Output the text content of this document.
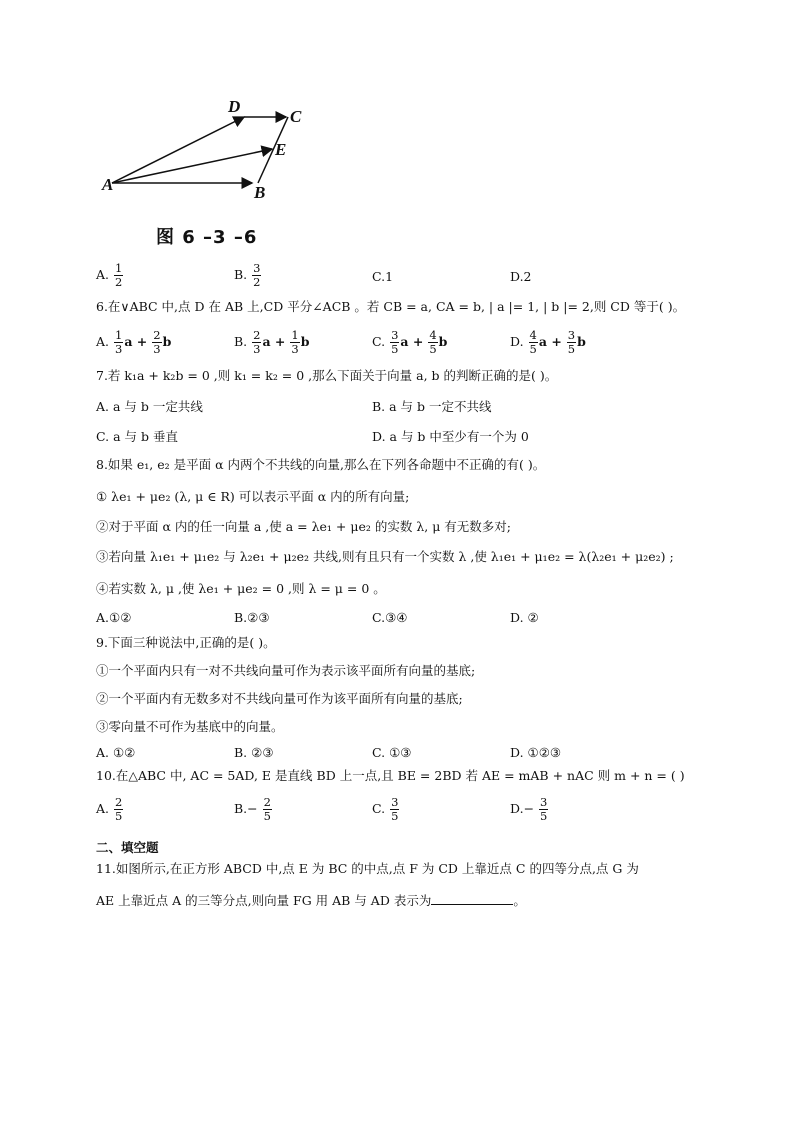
D
C
E
A	B
图 6 –3 –6
A. $\frac{1}{2}$	B. $\frac{3}{2}$	C.1	D.2
6.在∨ABC 中,点 D 在 AB 上,CD 平分∠ACB 。若 CB = a, CA = b, | a |= 1, | b |= 2,则 CD 等于( )。
A. $\frac{1}{3}$ $a + \frac{2}{3}$ b	B. $\frac{2}{3}$ $a + \frac{1}{3}$ b	C. $\frac{3}{5}$ $a + \frac{4}{5}$ b	D. $\frac{4}{5}$ $a + \frac{3}{5}$ b
7.若 k₁a + k₂b = 0 ,则 k₁ = k₂ = 0 ,那么下面关于向量 a, b 的判断正确的是( )。
A. a 与 b 一定共线	B. a 与 b 一定不共线
C. a 与 b 垂直	D. a 与 b 中至少有一个为 0
8.如果 e₁, e₂ 是平面 α 内两个不共线的向量,那么在下列各命题中不正确的有( )。
① λe₁ + μe₂ (λ, μ ∈ R) 可以表示平面 α 内的所有向量;
②对于平面 α 内的任一向量 a ,使 a = λe₁ + μe₂ 的实数 λ, μ 有无数多对;
③若向量 λ₁e₁ + μ₁e₂ 与 λ₂e₁ + μ₂e₂ 共线,则有且只有一个实数 λ ,使 λ₁e₁ + μ₁e₂ = λ(λ₂e₁ + μ₂e₂) ;
④若实数 λ, μ ,使 λe₁ + μe₂ = 0 ,则 λ = μ = 0 。
A.①②	B.②③	C.③④	D. ②
9.下面三种说法中,正确的是( )。
①一个平面内只有一对不共线向量可作为表示该平面所有向量的基底;
②一个平面内有无数多对不共线向量可作为该平面所有向量的基底;
③零向量不可作为基底中的向量。
A. ①②	B. ②③	C. ①③	D. ①②③
10.在△ABC 中, AC = 5AD, E 是直线 BD 上一点,且 BE = 2BD 若 AE = mAB + nAC 则 m + n = ( )
A. $\frac{2}{5}$	$B.- \frac{2}{5}$	C. $\frac{3}{5}$	$D.- \frac{3}{5}$
二、填空题
11.如图所示,在正方形 ABCD 中,点 E 为 BC 的中点,点 F 为 CD 上靠近点 C 的四等分点,点 G 为
AE 上靠近点 A 的三等分点,则向量 FG 用 AB 与 AD 表示为	。
